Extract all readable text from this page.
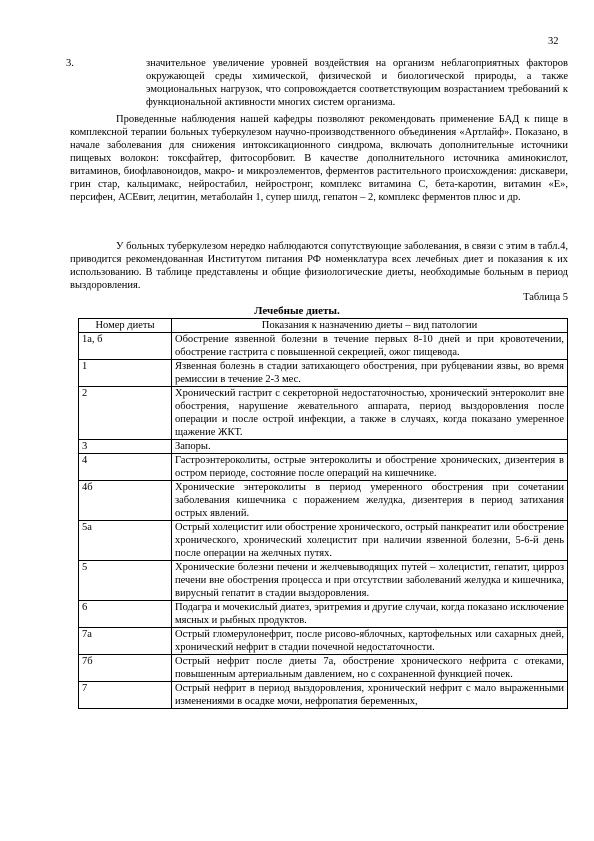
32
3.	значительное увеличение уровней воздействия на организм неблагоприятных факторов окружающей среды химической, физической и биологической природы, а также эмоциональных нагрузок, что сопровождается соответствующим возрастанием требований к функциональной активности многих систем организма.
Проведенные наблюдения нашей кафедры позволяют рекомендовать применение БАД к пище в комплексной терапии больных туберкулезом научно-производственного объединения «Артлайф». Показано, в начале заболевания для снижения интоксикационного синдрома, включать дополнительные источники пищевых волокон: токсфайтер, фитосорбовит. В качестве дополнительного источника аминокислот, витаминов, биофлавоноидов, макро- и микроэлементов, ферментов растительного происхождения: дискавери, грин стар, кальцимакс, нейростабил, нейростронг, комплекс витамина С, бета-каротин, витамин «Е», персифен, АСЕвит, лецитин, метаболайн 1, супер шилд, гепатон – 2, комплекс ферментов плюс и др.
У больных туберкулезом нередко наблюдаются сопутствующие заболевания, в связи с этим в табл.4, приводится рекомендованная Институтом питания РФ номенклатура всех лечебных диет и показания к их использованию. В таблице представлены и общие физиологические диеты, необходимые больным в период выздоровления.
Таблица 5
Лечебные диеты.
Номер диеты	Показания к назначению диеты – вид патологии
1а, б	Обострение язвенной болезни в течение первых 8-10 дней и при кровотечении, обострение гастрита с повышенной секрецией, ожог пищевода.
1	Язвенная болезнь в стадии затихающего обострения, при рубцевании язвы, во время ремиссии в течение 2-3 мес.
2	Хронический гастрит с секреторной недостаточностью, хронический энтероколит вне обострения, нарушение жевательного аппарата, период выздоровления после операции и после острой инфекции, а также в случаях, когда показано умеренное щажение ЖКТ.
3	Запоры.
4	Гастроэнтероколиты, острые энтероколиты и обострение хронических, дизентерия в остром периоде, состояние после операций на кишечнике.
4б	Хронические энтероколиты в период умеренного обострения при сочетании заболевания кишечника с поражением желудка, дизентерия в период затихания острых явлений.
5а	Острый холецистит или обострение хронического, острый панкреатит или обострение хронического, хронический холецистит при наличии язвенной болезни, 5-6-й день после операции на желчных путях.
5	Хронические болезни печени и желчевыводящих путей – холецистит, гепатит, цирроз печени вне обострения процесса и при отсутствии заболеваний желудка и кишечника, вирусный гепатит в стадии выздоровления.
6	Подагра и мочекислый диатез, эритремия и другие случаи, когда показано исключение мясных и рыбных продуктов.
7а	Острый гломерулонефрит, после рисово-яблочных, картофельных или сахарных дней, хронический нефрит в стадии почечной недостаточности.
7б	Острый нефрит после диеты 7а, обострение хронического нефрита с отеками, повышенным артериальным давлением, но с сохраненной функцией почек.
7	Острый нефрит в период выздоровления, хронический нефрит с мало выраженными изменениями в осадке мочи, нефропатия беременных,
